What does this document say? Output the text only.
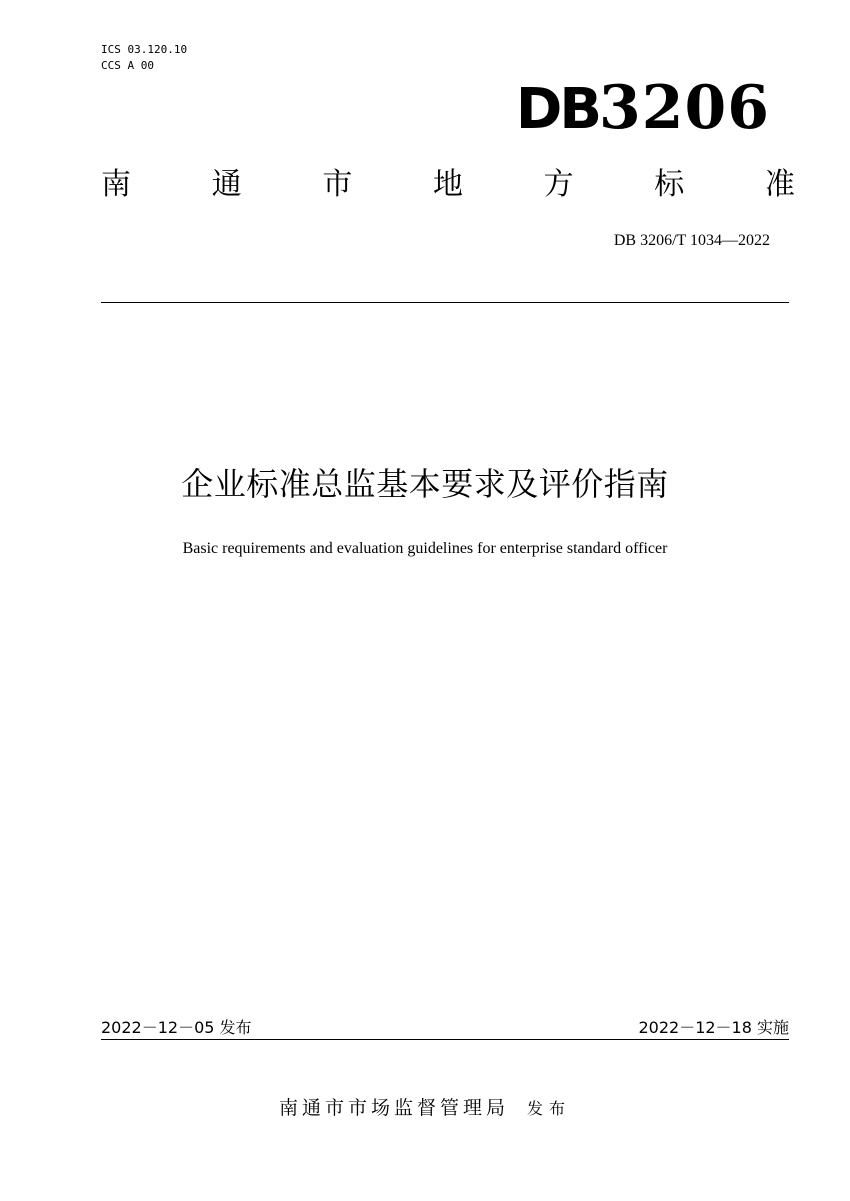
ICS 03.120.10
CCS A 00
DB3206
南	通	市	地	方	标	准
DB 3206/T 1034—2022
企业标准总监基本要求及评价指南
Basic requirements and evaluation guidelines for enterprise standard officer
2022－12－05 发布	2022－12－18 实施
南通市市场监督管理局 发布
